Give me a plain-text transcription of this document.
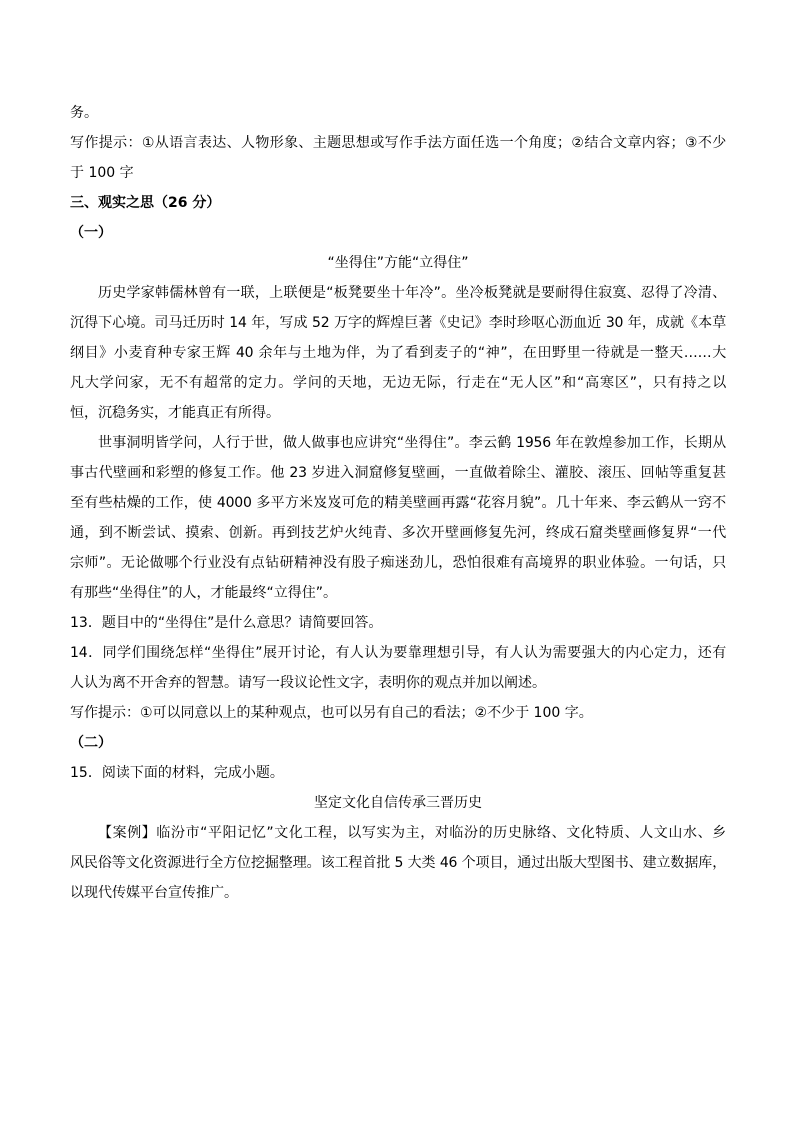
务。
写作提示：①从语言表达、人物形象、主题思想或写作手法方面任选一个角度；②结合文章内容；③不少
于 100 字
三、观实之思（26 分）
（一）
“坐得住”方能“立得住”
历史学家韩儒林曾有一联，上联便是“板凳要坐十年冷”。坐冷板凳就是要耐得住寂寞、忍得了冷清、
沉得下心境。司马迁历时 14 年，写成 52 万字的辉煌巨著《史记》李时珍呕心沥血近 30 年，成就《本草
纲目》小麦育种专家王辉 40 余年与土地为伴，为了看到麦子的“神”，在田野里一待就是一整天……大
凡大学问家，无不有超常的定力。学问的天地，无边无际，行走在“无人区”和“高寒区”，只有持之以
恒，沉稳务实，才能真正有所得。
世事洞明皆学问，人行于世，做人做事也应讲究“坐得住”。李云鹤 1956 年在敦煌参加工作，长期从
事古代壁画和彩塑的修复工作。他 23 岁进入洞窟修复壁画，一直做着除尘、灌胶、滚压、回帖等重复甚
至有些枯燥的工作，使 4000 多平方米岌岌可危的精美壁画再露“花容月貌”。几十年来、李云鹤从一窍不
通，到不断尝试、摸索、创新。再到技艺炉火纯青、多次开壁画修复先河，终成石窟类壁画修复界“一代
宗师”。无论做哪个行业没有点钻研精神没有股子痴迷劲儿，恐怕很难有高境界的职业体验。一句话，只
有那些“坐得住”的人，才能最终“立得住”。
13．题目中的“坐得住”是什么意思？请简要回答。
14．同学们围绕怎样“坐得住”展开讨论，有人认为要靠理想引导，有人认为需要强大的内心定力，还有
人认为离不开舍弃的智慧。请写一段议论性文字，表明你的观点并加以阐述。
写作提示：①可以同意以上的某种观点，也可以另有自己的看法；②不少于 100 字。
（二）
15．阅读下面的材料，完成小题。
坚定文化自信传承三晋历史
【案例】临汾市“平阳记忆”文化工程，以写实为主，对临汾的历史脉络、文化特质、人文山水、乡
风民俗等文化资源进行全方位挖掘整理。该工程首批 5 大类 46 个项目，通过出版大型图书、建立数据库，
以现代传媒平台宣传推广。
